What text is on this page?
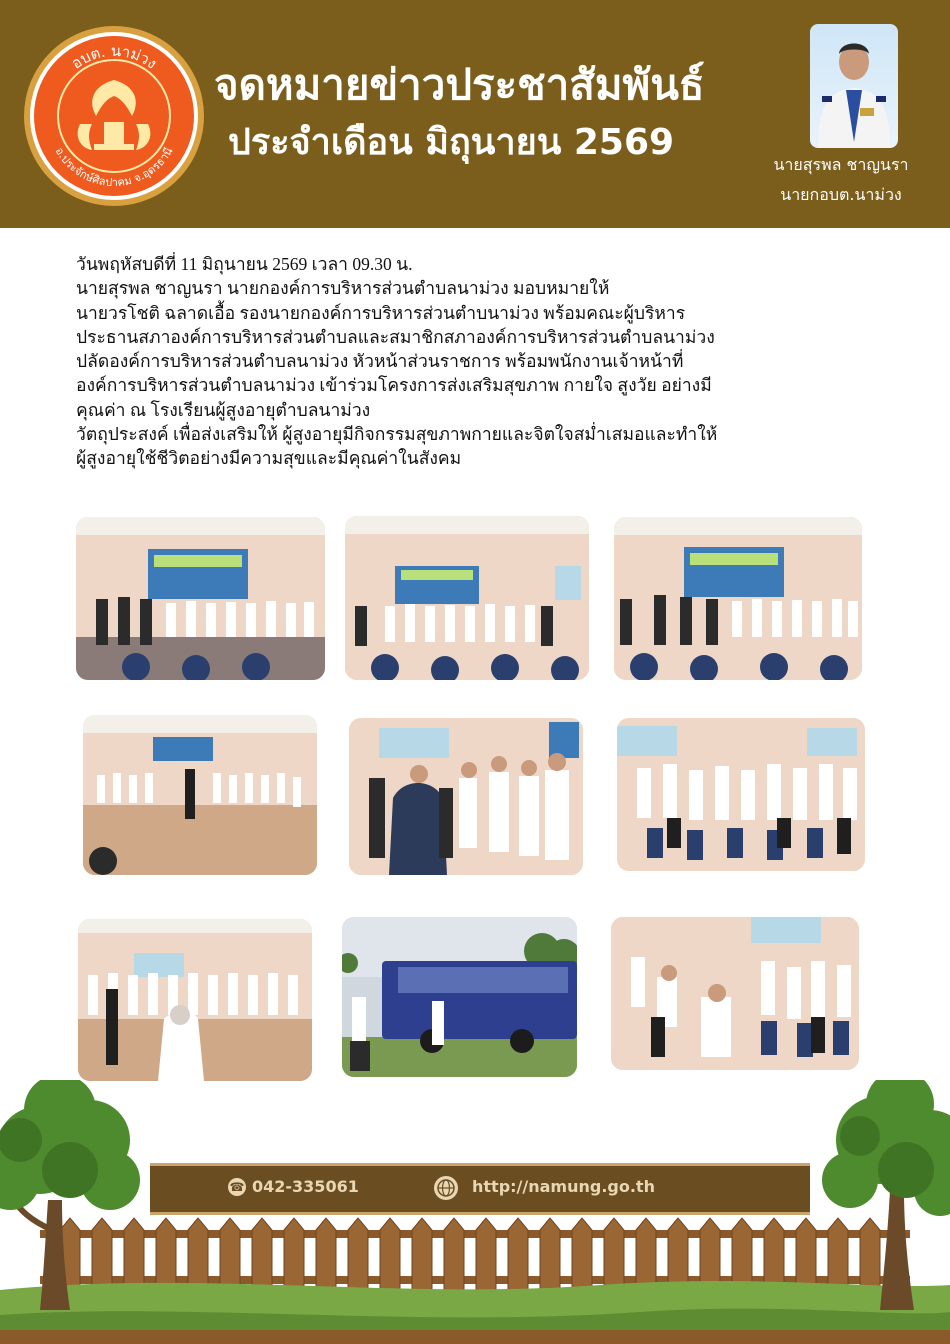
อบต. นาม่วง
อ.ประจักษ์ศิลปาคม จ.อุดรธานี
จดหมายข่าวประชาสัมพันธ์
ประจำเดือน มิถุนายน 2569
นายสุรพล ชาญนรา
นายกอบต.นาม่วง
วันพฤหัสบดีที่ 11 มิถุนายน 2569 เวลา 09.30 น.
นายสุรพล ชาญนรา นายกองค์การบริหารส่วนตำบลนาม่วง มอบหมายให้
นายวรโชติ ฉลาดเอื้อ รองนายกองค์การบริหารส่วนตำบนาม่วง พร้อมคณะผู้บริหาร
ประธานสภาองค์การบริหารส่วนตำบลและสมาชิกสภาองค์การบริหารส่วนตำบลนาม่วง
ปลัดองค์การบริหารส่วนตำบลนาม่วง หัวหน้าส่วนราชการ พร้อมพนักงานเจ้าหน้าที่
องค์การบริหารส่วนตำบลนาม่วง เข้าร่วมโครงการส่งเสริมสุขภาพ กายใจ สูงวัย อย่างมี
คุณค่า ณ โรงเรียนผู้สูงอายุตำบลนาม่วง
วัตถุประสงค์ เพื่อส่งเสริมให้ ผู้สูงอายุมีกิจกรรมสุขภาพกายและจิตใจสม่ำเสมอและทำให้
ผู้สูงอายุใช้ชีวิตอย่างมีความสุขและมีคุณค่าในสังคม
☎ 042-335061	http://namung.go.th
